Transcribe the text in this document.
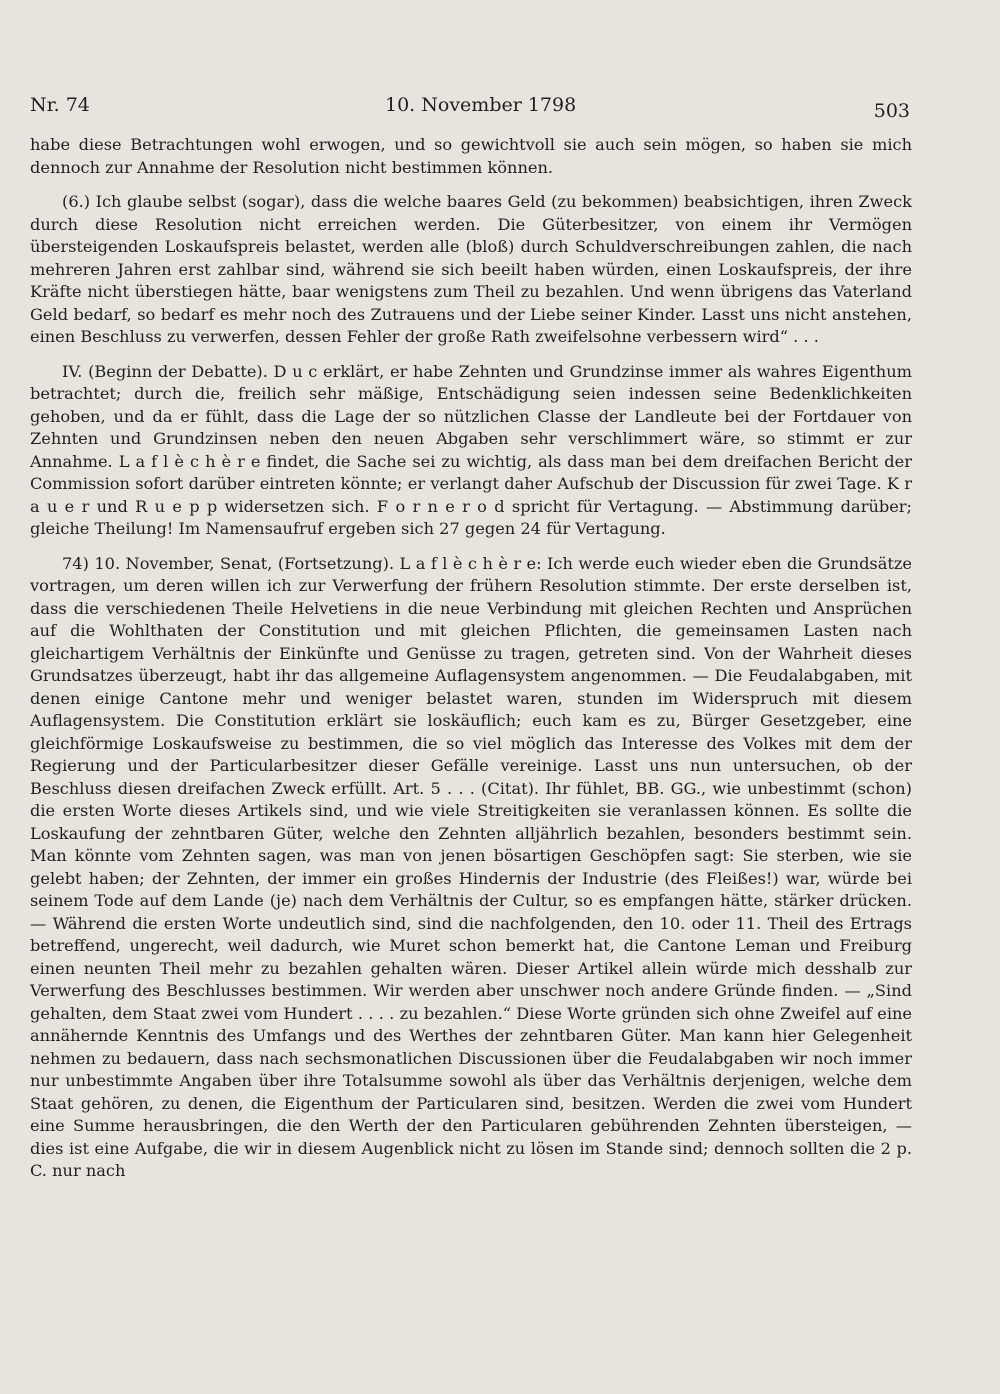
Nr. 74	10. November 1798	503

habe diese Betrachtungen wohl erwogen, und so gewichtvoll sie auch sein mögen, so haben sie mich dennoch zur Annahme der Resolution nicht bestimmen können.

(6.) Ich glaube selbst (sogar), dass die welche baares Geld (zu bekommen) beabsichtigen, ihren Zweck durch diese Resolution nicht erreichen werden. Die Güterbesitzer, von einem ihr Vermögen übersteigenden Loskaufspreis belastet, werden alle (bloß) durch Schuldverschreibungen zahlen, die nach mehreren Jahren erst zahlbar sind, während sie sich beeilt haben würden, einen Loskaufspreis, der ihre Kräfte nicht überstiegen hätte, baar wenigstens zum Theil zu bezahlen. Und wenn übrigens das Vaterland Geld bedarf, so bedarf es mehr noch des Zutrauens und der Liebe seiner Kinder. Lasst uns nicht anstehen, einen Beschluss zu verwerfen, dessen Fehler der große Rath zweifelsohne verbessern wird“ . . .

IV. (Beginn der Debatte). D u c erklärt, er habe Zehnten und Grundzinse immer als wahres Eigenthum betrachtet; durch die, freilich sehr mäßige, Entschädigung seien indessen seine Bedenklichkeiten gehoben, und da er fühlt, dass die Lage der so nützlichen Classe der Landleute bei der Fortdauer von Zehnten und Grundzinsen neben den neuen Abgaben sehr verschlimmert wäre, so stimmt er zur Annahme. L a f l è c h è r e findet, die Sache sei zu wichtig, als dass man bei dem dreifachen Bericht der Commission sofort darüber eintreten könnte; er verlangt daher Aufschub der Discussion für zwei Tage. K r a u e r und R u e p p widersetzen sich. F o r n e r o d spricht für Vertagung. — Abstimmung darüber; gleiche Theilung! Im Namensaufruf ergeben sich 27 gegen 24 für Vertagung.

74) 10. November, Senat, (Fortsetzung). L a f l è c h è r e: Ich werde euch wieder eben die Grundsätze vortragen, um deren willen ich zur Verwerfung der frühern Resolution stimmte. Der erste derselben ist, dass die verschiedenen Theile Helvetiens in die neue Verbindung mit gleichen Rechten und Ansprüchen auf die Wohlthaten der Constitution und mit gleichen Pflichten, die gemeinsamen Lasten nach gleichartigem Verhältnis der Einkünfte und Genüsse zu tragen, getreten sind. Von der Wahrheit dieses Grundsatzes überzeugt, habt ihr das allgemeine Auflagensystem angenommen. — Die Feudalabgaben, mit denen einige Cantone mehr und weniger belastet waren, stunden im Widerspruch mit diesem Auflagensystem. Die Constitution erklärt sie loskäuflich; euch kam es zu, Bürger Gesetzgeber, eine gleichförmige Loskaufsweise zu bestimmen, die so viel möglich das Interesse des Volkes mit dem der Regierung und der Particularbesitzer dieser Gefälle vereinige. Lasst uns nun untersuchen, ob der Beschluss diesen dreifachen Zweck erfüllt. Art. 5 . . . (Citat). Ihr fühlet, BB. GG., wie unbestimmt (schon) die ersten Worte dieses Artikels sind, und wie viele Streitigkeiten sie veranlassen können. Es sollte die Loskaufung der zehntbaren Güter, welche den Zehnten alljährlich bezahlen, besonders bestimmt sein. Man könnte vom Zehnten sagen, was man von jenen bösartigen Geschöpfen sagt: Sie sterben, wie sie gelebt haben; der Zehnten, der immer ein großes Hindernis der Industrie (des Fleißes!) war, würde bei seinem Tode auf dem Lande (je) nach dem Verhältnis der Cultur, so es empfangen hätte, stärker drücken. — Während die ersten Worte undeutlich sind, sind die nachfolgenden, den 10. oder 11. Theil des Ertrags betreffend, ungerecht, weil dadurch, wie Muret schon bemerkt hat, die Cantone Leman und Freiburg einen neunten Theil mehr zu bezahlen gehalten wären. Dieser Artikel allein würde mich desshalb zur Verwerfung des Beschlusses bestimmen. Wir werden aber unschwer noch andere Gründe finden. — „Sind gehalten, dem Staat zwei vom Hundert . . . . zu bezahlen.“ Diese Worte gründen sich ohne Zweifel auf eine annähernde Kenntnis des Umfangs und des Werthes der zehntbaren Güter. Man kann hier Gelegenheit nehmen zu bedauern, dass nach sechsmonatlichen Discussionen über die Feudalabgaben wir noch immer nur unbestimmte Angaben über ihre Totalsumme sowohl als über das Verhältnis derjenigen, welche dem Staat gehören, zu denen, die Eigenthum der Particularen sind, besitzen. Werden die zwei vom Hundert eine Summe herausbringen, die den Werth der den Particularen gebührenden Zehnten übersteigen, — dies ist eine Aufgabe, die wir in diesem Augenblick nicht zu lösen im Stande sind; dennoch sollten die 2 p. C. nur nach
